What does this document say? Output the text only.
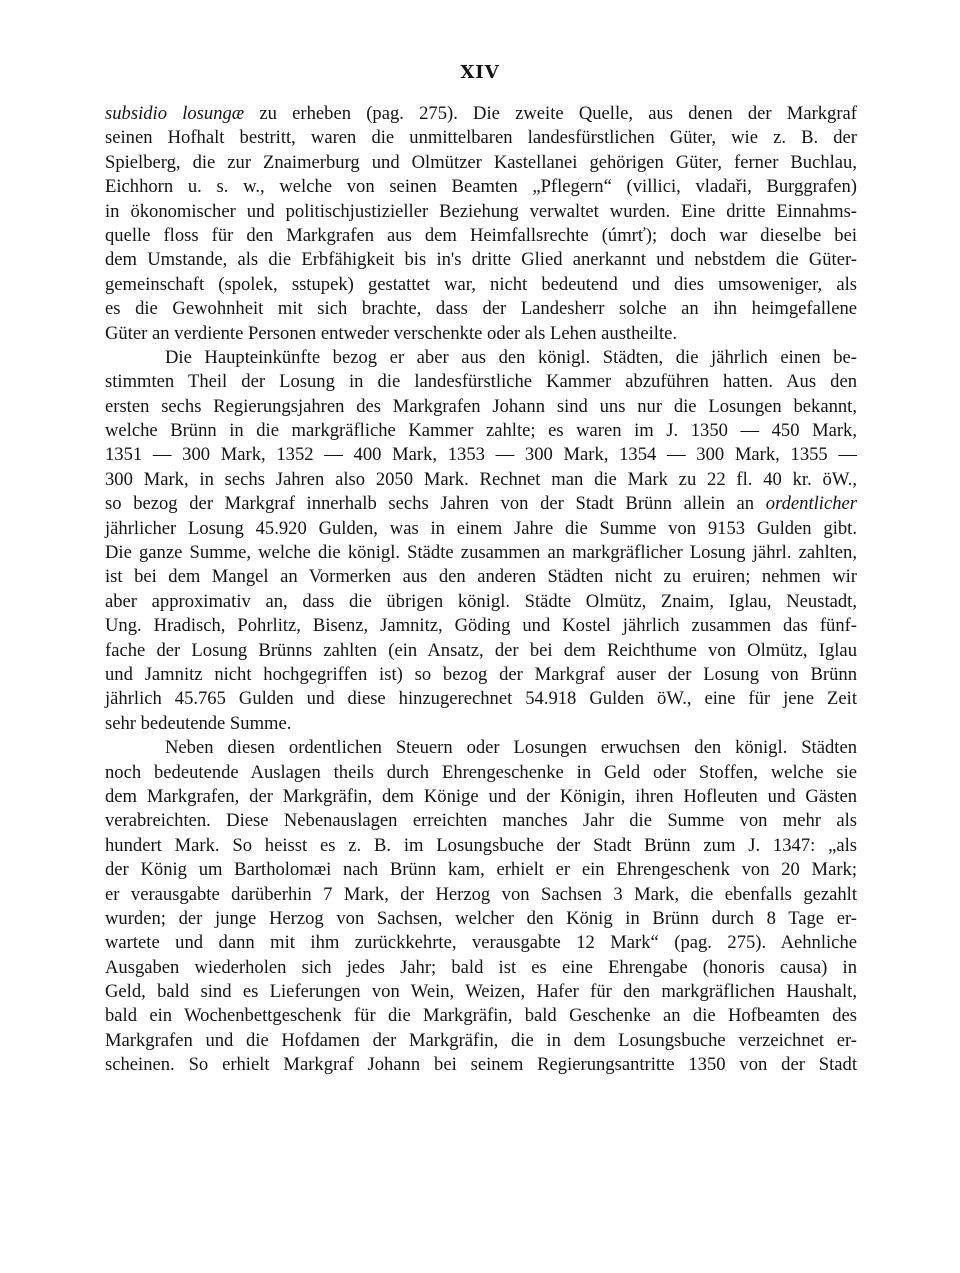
XIV
subsidio losungæ zu erheben (pag. 275). Die zweite Quelle, aus denen der Markgraf
seinen Hofhalt bestritt, waren die unmittelbaren landesfürstlichen Güter, wie z. B. der
Spielberg, die zur Znaimerburg und Olmützer Kastellanei gehörigen Güter, ferner Buchlau,
Eichhorn u. s. w., welche von seinen Beamten „Pflegern“ (villici, vladaři, Burggrafen)
in ökonomischer und politischjustizieller Beziehung verwaltet wurden. Eine dritte Einnahms-
quelle floss für den Markgrafen aus dem Heimfallsrechte (úmrť); doch war dieselbe bei
dem Umstande, als die Erbfähigkeit bis in's dritte Glied anerkannt und nebstdem die Güter-
gemeinschaft (spolek, sstupek) gestattet war, nicht bedeutend und dies umsoweniger, als
es die Gewohnheit mit sich brachte, dass der Landesherr solche an ihn heimgefallene
Güter an verdiente Personen entweder verschenkte oder als Lehen austheilte.
Die Haupteinkünfte bezog er aber aus den königl. Städten, die jährlich einen be-
stimmten Theil der Losung in die landesfürstliche Kammer abzuführen hatten. Aus den
ersten sechs Regierungsjahren des Markgrafen Johann sind uns nur die Losungen bekannt,
welche Brünn in die markgräfliche Kammer zahlte; es waren im J. 1350 — 450 Mark,
1351 — 300 Mark, 1352 — 400 Mark, 1353 — 300 Mark, 1354 — 300 Mark, 1355 —
300 Mark, in sechs Jahren also 2050 Mark. Rechnet man die Mark zu 22 fl. 40 kr. öW.,
so bezog der Markgraf innerhalb sechs Jahren von der Stadt Brünn allein an ordentlicher
jährlicher Losung 45.920 Gulden, was in einem Jahre die Summe von 9153 Gulden gibt.
Die ganze Summe, welche die königl. Städte zusammen an markgräflicher Losung jährl. zahlten,
ist bei dem Mangel an Vormerken aus den anderen Städten nicht zu eruiren; nehmen wir
aber approximativ an, dass die übrigen königl. Städte Olmütz, Znaim, Iglau, Neustadt,
Ung. Hradisch, Pohrlitz, Bisenz, Jamnitz, Göding und Kostel jährlich zusammen das fünf-
fache der Losung Brünns zahlten (ein Ansatz, der bei dem Reichthume von Olmütz, Iglau
und Jamnitz nicht hochgegriffen ist) so bezog der Markgraf auser der Losung von Brünn
jährlich 45.765 Gulden und diese hinzugerechnet 54.918 Gulden öW., eine für jene Zeit
sehr bedeutende Summe.
Neben diesen ordentlichen Steuern oder Losungen erwuchsen den königl. Städten
noch bedeutende Auslagen theils durch Ehrengeschenke in Geld oder Stoffen, welche sie
dem Markgrafen, der Markgräfin, dem Könige und der Königin, ihren Hofleuten und Gästen
verabreichten. Diese Nebenauslagen erreichten manches Jahr die Summe von mehr als
hundert Mark. So heisst es z. B. im Losungsbuche der Stadt Brünn zum J. 1347: „als
der König um Bartholomæi nach Brünn kam, erhielt er ein Ehrengeschenk von 20 Mark;
er verausgabte darüberhin 7 Mark, der Herzog von Sachsen 3 Mark, die ebenfalls gezahlt
wurden; der junge Herzog von Sachsen, welcher den König in Brünn durch 8 Tage er-
wartete und dann mit ihm zurückkehrte, verausgabte 12 Mark“ (pag. 275). Aehnliche
Ausgaben wiederholen sich jedes Jahr; bald ist es eine Ehrengabe (honoris causa) in
Geld, bald sind es Lieferungen von Wein, Weizen, Hafer für den markgräflichen Haushalt,
bald ein Wochenbettgeschenk für die Markgräfin, bald Geschenke an die Hofbeamten des
Markgrafen und die Hofdamen der Markgräfin, die in dem Losungsbuche verzeichnet er-
scheinen. So erhielt Markgraf Johann bei seinem Regierungsantritte 1350 von der Stadt
